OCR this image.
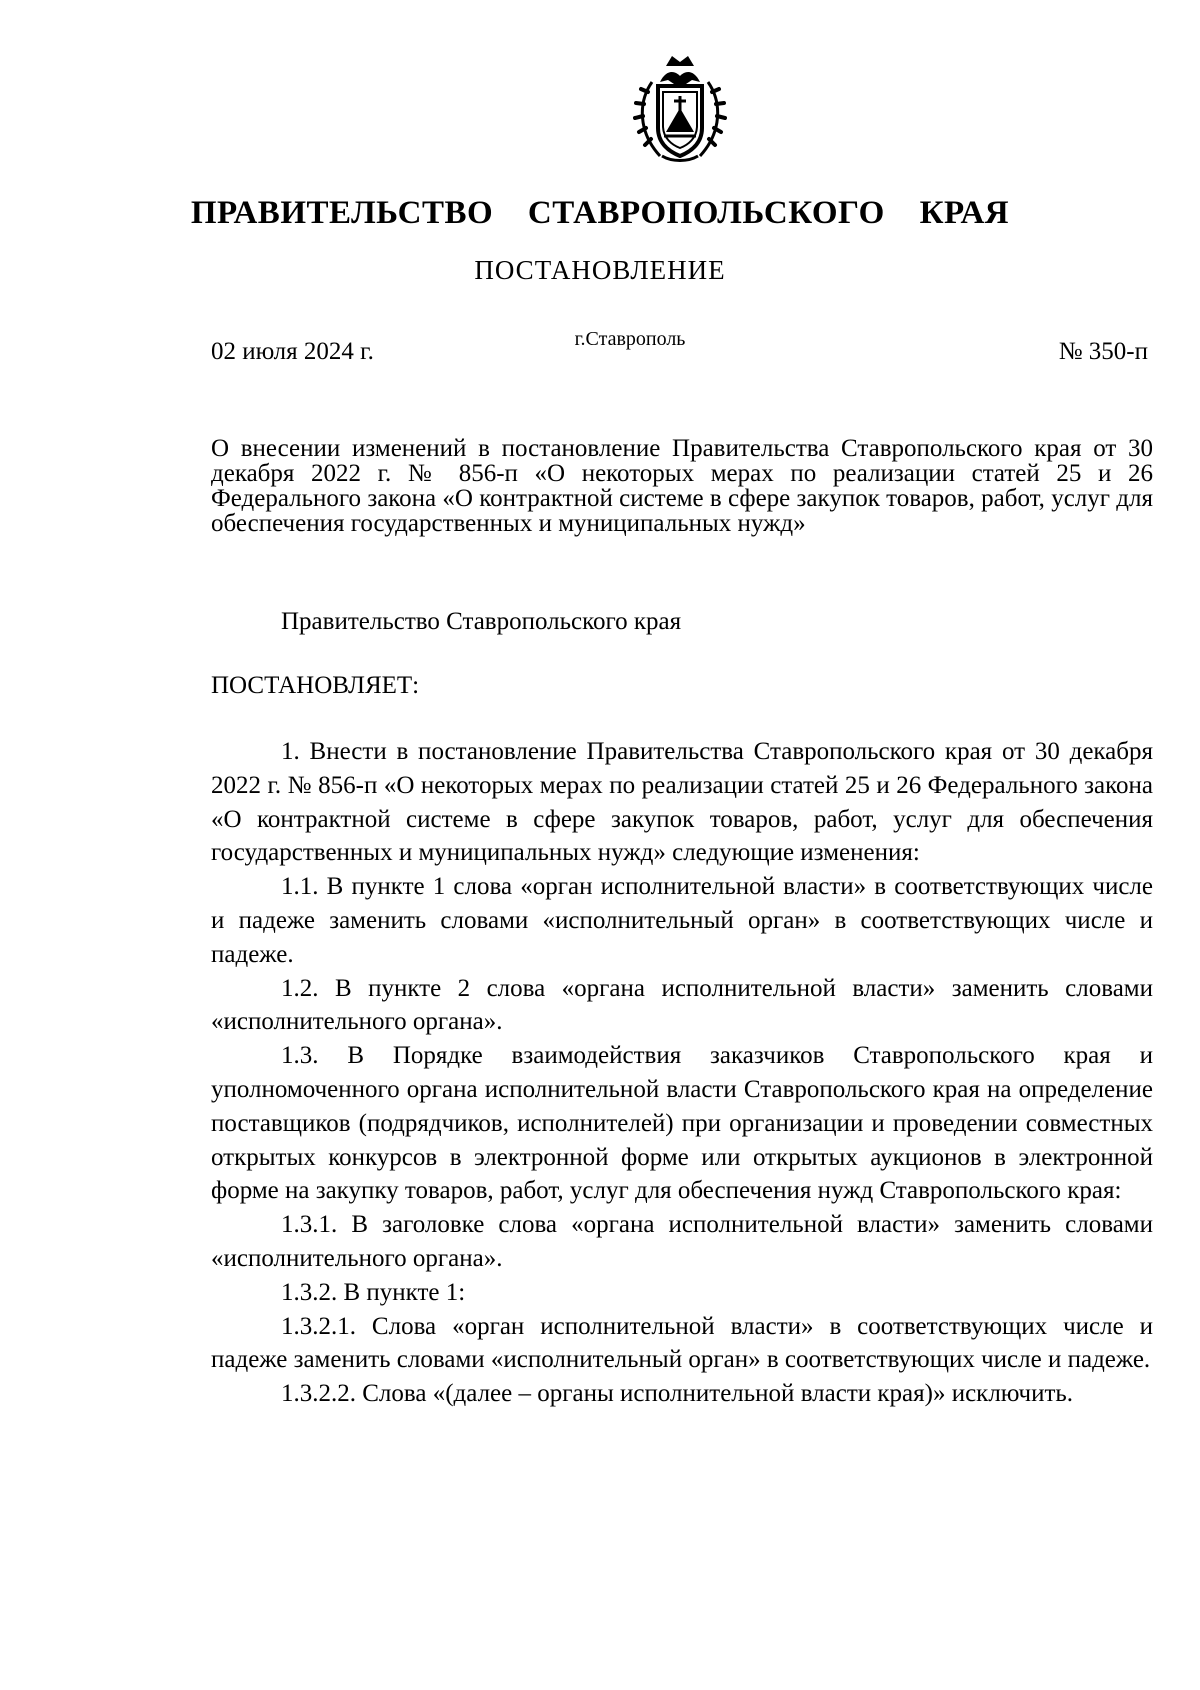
ПРАВИТЕЛЬСТВО СТАВРОПОЛЬСКОГО КРАЯ
ПОСТАНОВЛЕНИЕ
г.Ставрополь
02 июля 2024 г.	№ 350-п
О внесении изменений в постановление Правительства Ставропольского края от 30 декабря 2022 г. № 856-п «О некоторых мерах по реализации статей 25 и 26 Федерального закона «О контрактной системе в сфере закупок товаров, работ, услуг для обеспечения государственных и муниципальных нужд»
Правительство Ставропольского края
ПОСТАНОВЛЯЕТ:

1. Внести в постановление Правительства Ставропольского края от 30 декабря 2022 г. № 856-п «О некоторых мерах по реализации статей 25 и 26 Федерального закона «О контрактной системе в сфере закупок товаров, работ, услуг для обеспечения государственных и муниципальных нужд» следующие изменения:

1.1. В пункте 1 слова «орган исполнительной власти» в соответствующих числе и падеже заменить словами «исполнительный орган» в соответствующих числе и падеже.

1.2. В пункте 2 слова «органа исполнительной власти» заменить словами «исполнительного органа».

1.3. В Порядке взаимодействия заказчиков Ставропольского края и уполномоченного органа исполнительной власти Ставропольского края на определение поставщиков (подрядчиков, исполнителей) при организации и проведении совместных открытых конкурсов в электронной форме или открытых аукционов в электронной форме на закупку товаров, работ, услуг для обеспечения нужд Ставропольского края:

1.3.1. В заголовке слова «органа исполнительной власти» заменить словами «исполнительного органа».

1.3.2. В пункте 1:

1.3.2.1. Слова «орган исполнительной власти» в соответствующих числе и падеже заменить словами «исполнительный орган» в соответствующих числе и падеже.

1.3.2.2. Слова «(далее – органы исполнительной власти края)» исключить.
